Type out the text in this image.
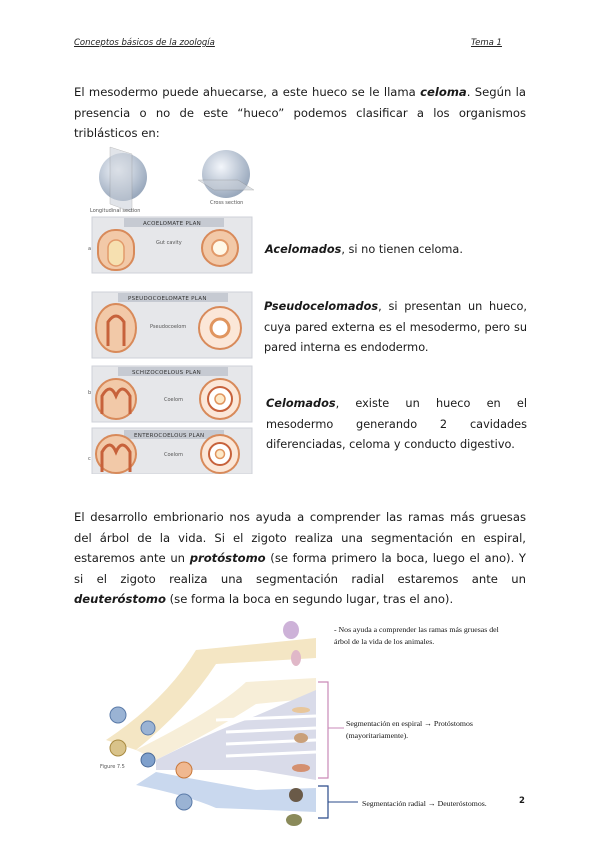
Conceptos básicos de la zoología	Tema 1

El mesodermo puede ahuecarse, a este hueco se le llama celoma. Según la presencia o no de este “hueco” podemos clasificar a los organismos triblásticos en:

Longitudinal section
Cross section
ACOELOMATE PLAN
a
Gut cavity
PSEUDOCOELOMATE PLAN
Pseudocoelom
SCHIZOCOELOUS PLAN
b
Coelom
ENTEROCOELOUS PLAN
c
Coelom
Acelomados, si no tienen celoma.
Pseudocelomados, si presentan un hueco, cuya pared externa es el mesodermo, pero su pared interna es endodermo.
Celomados, existe un hueco en el mesodermo generando 2 cavidades diferenciadas, celoma y conducto digestivo.

El desarrollo embrionario nos ayuda a comprender las ramas más gruesas del árbol de la vida. Si el zigoto realiza una segmentación en espiral, estaremos ante un protóstomo (se forma primero la boca, luego el ano). Y si el zigoto realiza una segmentación radial estaremos ante un deuteróstomo (se forma la boca en segundo lugar, tras el ano).

Figure 7.5
- Nos ayuda a comprender las ramas más gruesas del
árbol de la vida de los animales.
Segmentación en espiral → Protóstomos
(mayoritariamente).
Segmentación radial → Deuteróstomos.	2
